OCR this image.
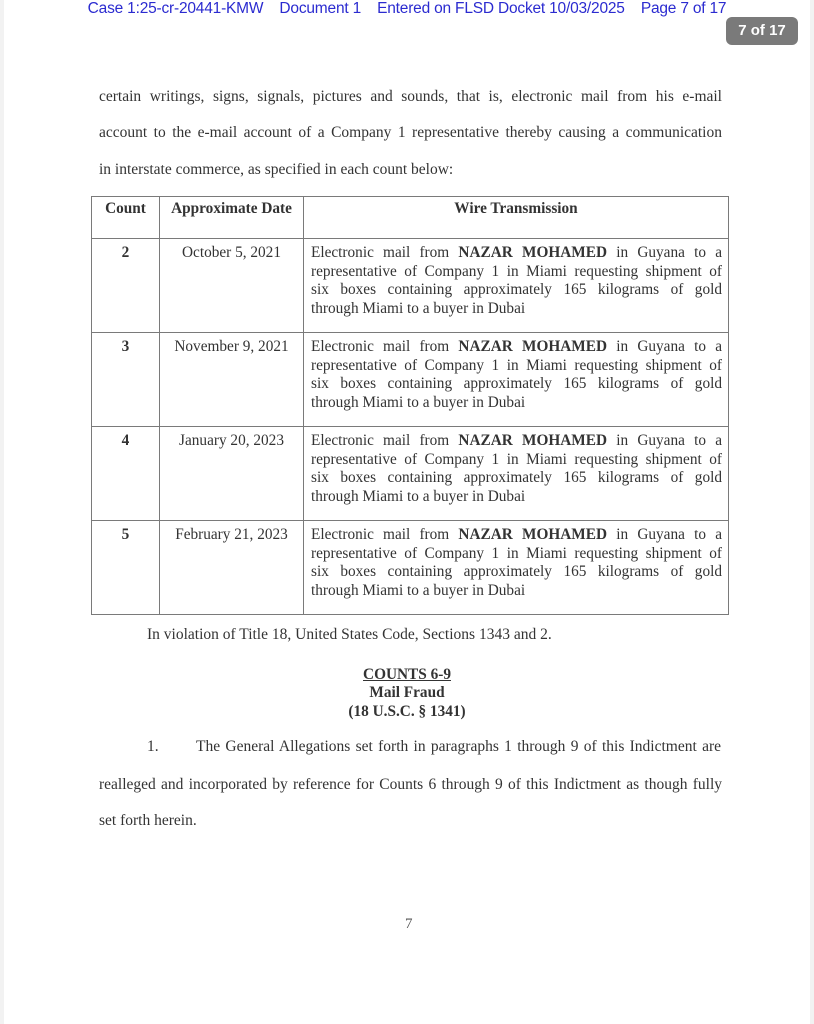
Case 1:25-cr-20441-KMW Document 1 Entered on FLSD Docket 10/03/2025 Page 7 of 17
7 of 17
certain writings, signs, signals, pictures and sounds, that is, electronic mail from his e-mail
account to the e-mail account of a Company 1 representative thereby causing a communication
in interstate commerce, as specified in each count below:
Count	Approximate Date	Wire Transmission
2	October 5, 2021	Electronic mail from NAZAR MOHAMED in Guyana to a
representative of Company 1 in Miami requesting shipment of
six boxes containing approximately 165 kilograms of gold
through Miami to a buyer in Dubai

3	November 9, 2021	Electronic mail from NAZAR MOHAMED in Guyana to a
representative of Company 1 in Miami requesting shipment of
six boxes containing approximately 165 kilograms of gold
through Miami to a buyer in Dubai

4	January 20, 2023	Electronic mail from NAZAR MOHAMED in Guyana to a
representative of Company 1 in Miami requesting shipment of
six boxes containing approximately 165 kilograms of gold
through Miami to a buyer in Dubai

5	February 21, 2023	Electronic mail from NAZAR MOHAMED in Guyana to a
representative of Company 1 in Miami requesting shipment of
six boxes containing approximately 165 kilograms of gold
through Miami to a buyer in Dubai
In violation of Title 18, United States Code, Sections 1343 and 2.
COUNTS 6-9
Mail Fraud
(18 U.S.C. § 1341)
The General Allegations set forth in paragraphs 1 through 9 of this Indictment are
realleged and incorporated by reference for Counts 6 through 9 of this Indictment as though fully
set forth herein.
7
